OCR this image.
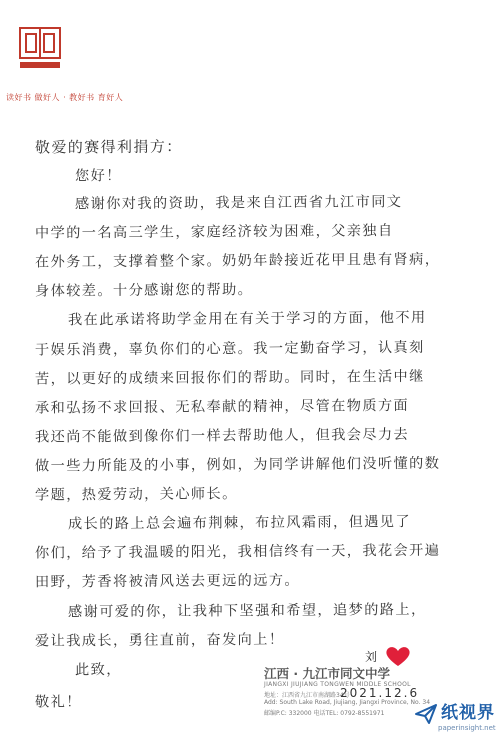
读好书 做好人 · 教好书 育好人
敬爱的赛得利捐方：
您好！
感谢你对我的资助，我是来自江西省九江市同文
中学的一名高三学生，家庭经济较为困难，父亲独自
在外务工，支撑着整个家。奶奶年龄接近花甲且患有肾病，
身体较差。十分感谢您的帮助。
我在此承诺将助学金用在有关于学习的方面，他不用
于娱乐消费，辜负你们的心意。我一定勤奋学习，认真刻
苦，以更好的成绩来回报你们的帮助。同时，在生活中继
承和弘扬不求回报、无私奉献的精神，尽管在物质方面
我还尚不能做到像你们一样去帮助他人，但我会尽力去
做一些力所能及的小事，例如，为同学讲解他们没听懂的数
学题，热爱劳动，关心师长。
成长的路上总会遍布荆棘，布拉风霜雨，但遇见了
你们，给予了我温暖的阳光，我相信终有一天，我花会开遍
田野，芳香将被清风送去更远的远方。
感谢可爱的你，让我种下坚强和希望，追梦的路上，
爱让我成长，勇往直前，奋发向上！
此致，
敬礼！
刘
江西 · 九江市同文中学
JIANGXI JIUJIANG TONGWEN MIDDLE SCHOOL
地址：江西省九江市南湖路34号
Add: South Lake Road, Jiujiang, Jiangxi Province, No. 34
邮编P.C: 332000 电话TEL: 0792-8551971
2021.12.6
纸视界
paperinsight.net
